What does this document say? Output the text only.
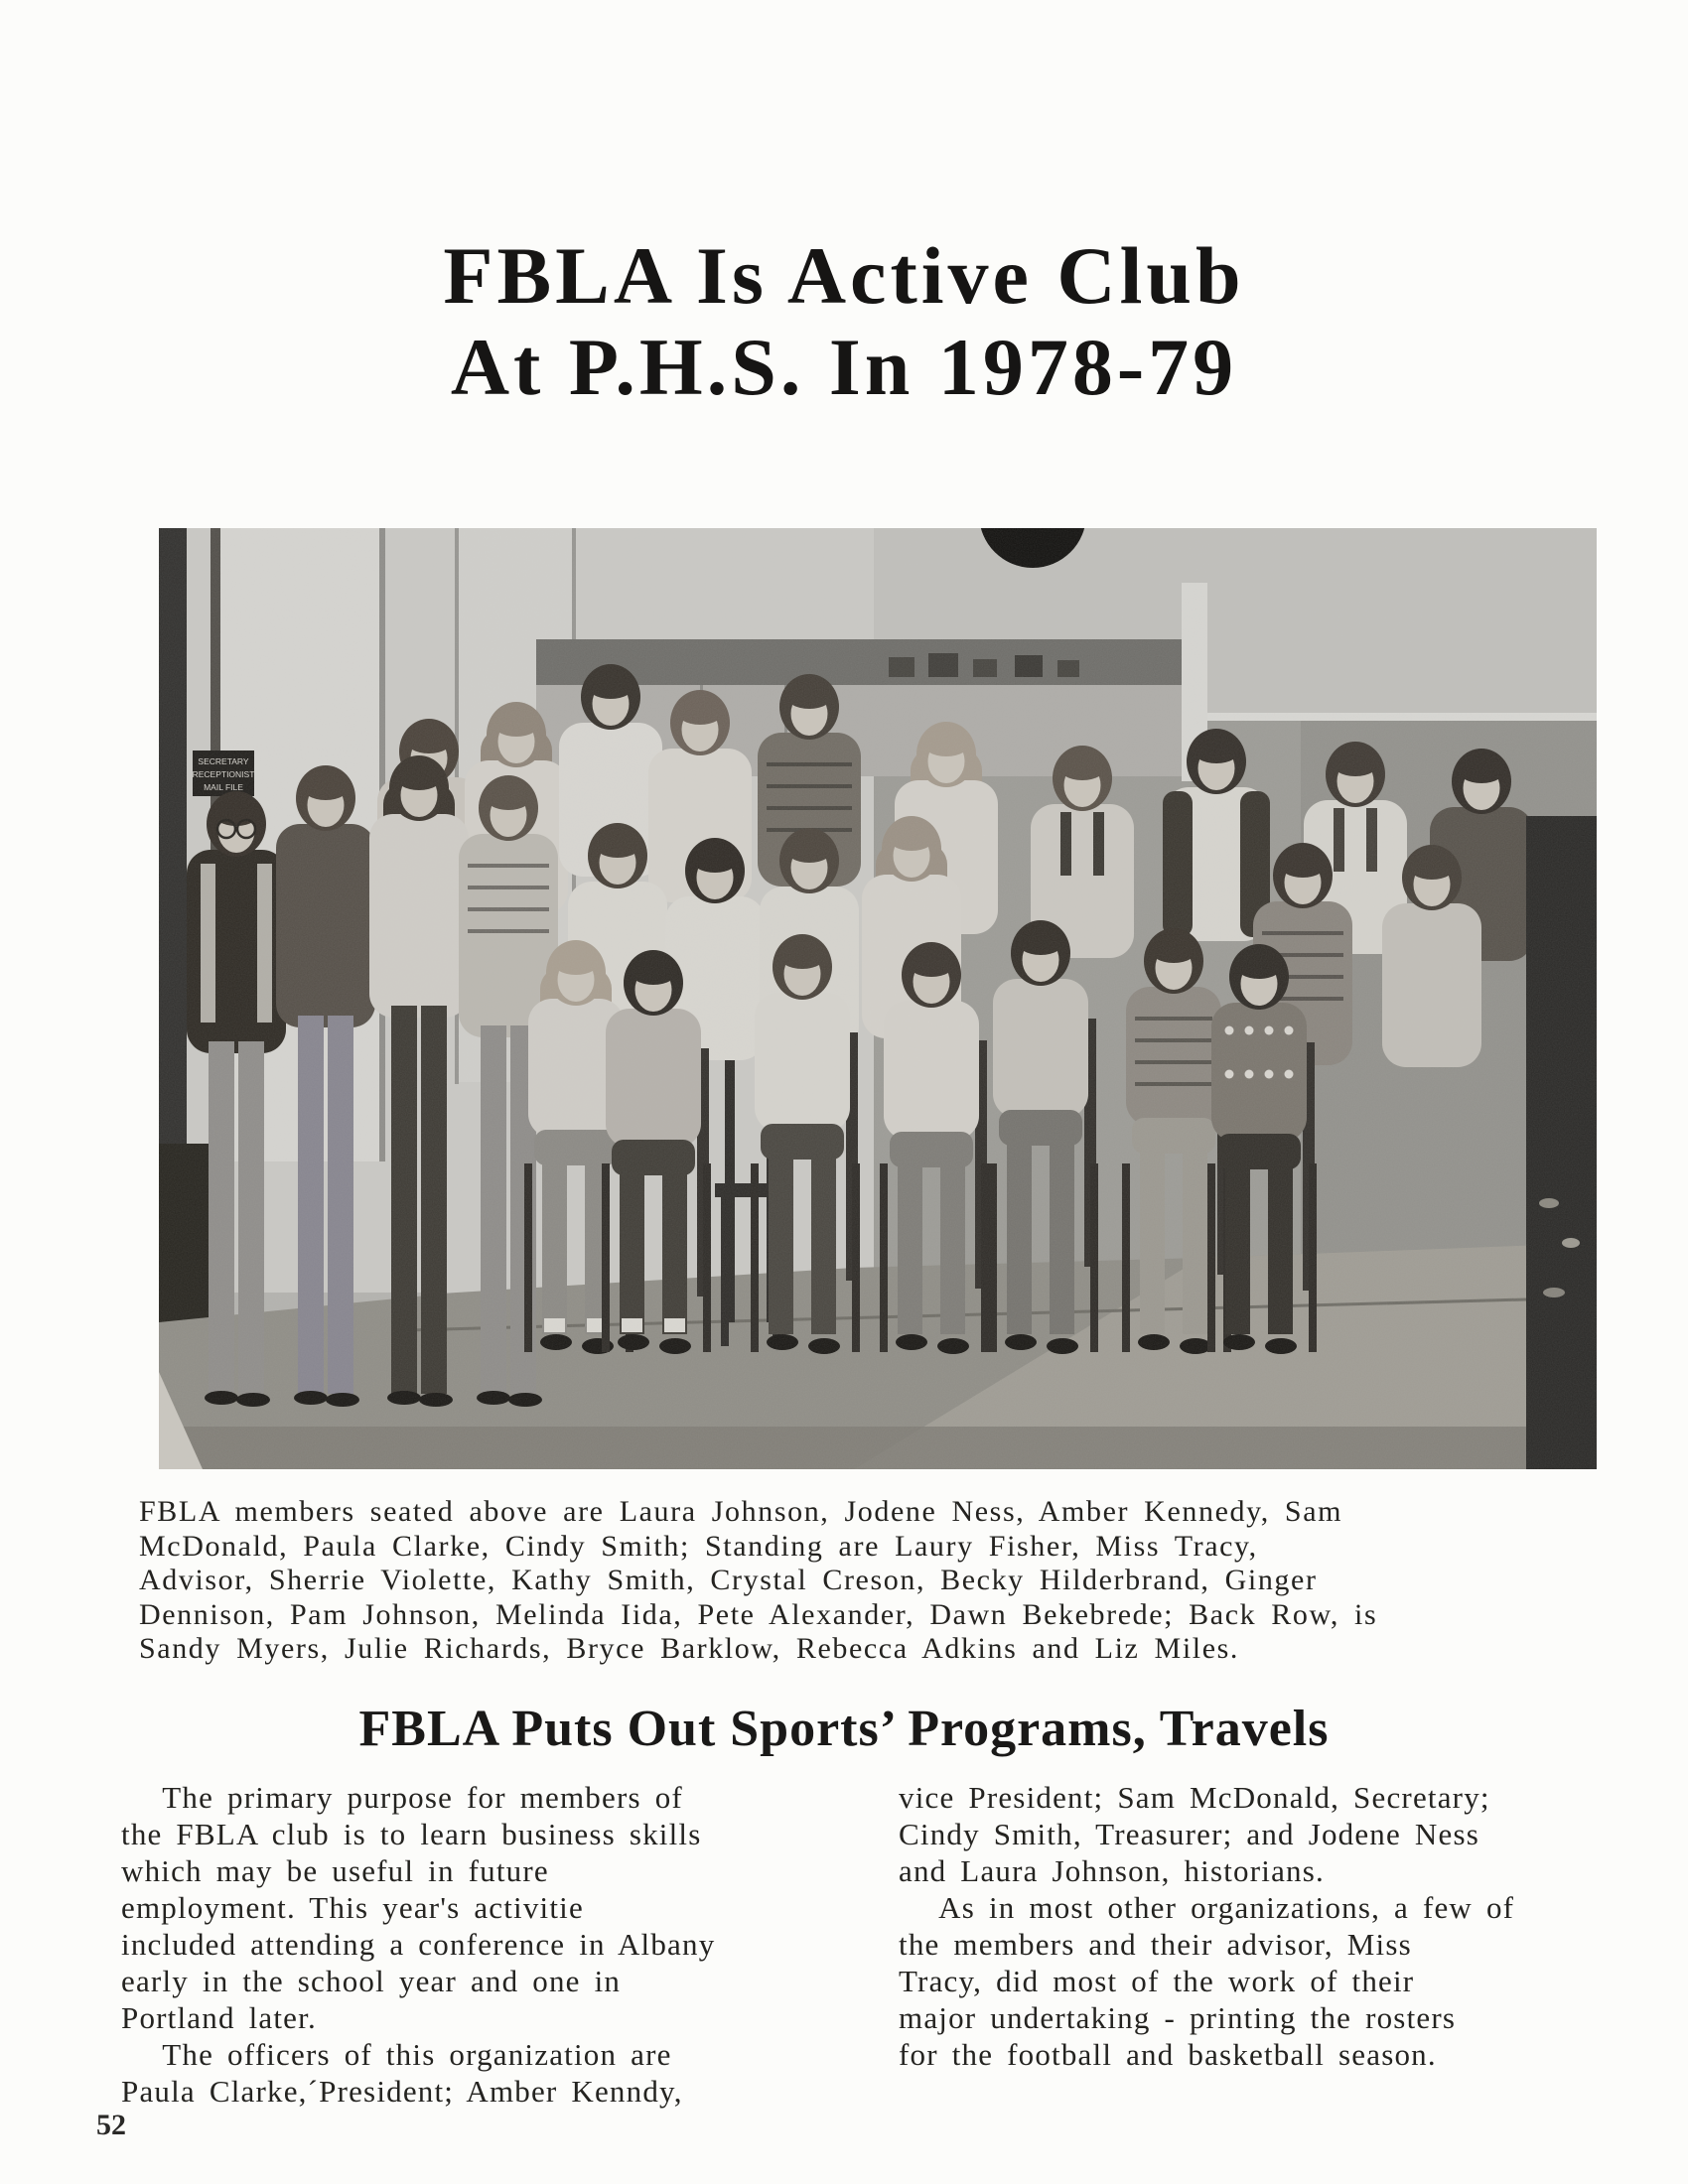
FBLA Is Active Club
At P.H.S. In 1978-79

FBLA members seated above are Laura Johnson, Jodene Ness, Amber Kennedy, Sam
McDonald, Paula Clarke, Cindy Smith; Standing are Laury Fisher, Miss Tracy,
Advisor, Sherrie Violette, Kathy Smith, Crystal Creson, Becky Hilderbrand, Ginger
Dennison, Pam Johnson, Melinda Iida, Pete Alexander, Dawn Bekebrede; Back Row, is
Sandy Myers, Julie Richards, Bryce Barklow, Rebecca Adkins and Liz Miles.

FBLA Puts Out Sports’ Programs, Travels
The primary purpose for members of
the FBLA club is to learn business skills
which may be useful in future
employment. This year's activitie
included attending a conference in Albany
early in the school year and one in
Portland later.
The officers of this organization are
Paula Clarke,´President; Amber Kenndy,
vice President; Sam McDonald, Secretary;
Cindy Smith, Treasurer; and Jodene Ness
and Laura Johnson, historians.
As in most other organizations, a few of
the members and their advisor, Miss
Tracy, did most of the work of their
major undertaking - printing the rosters
for the football and basketball season.
52
